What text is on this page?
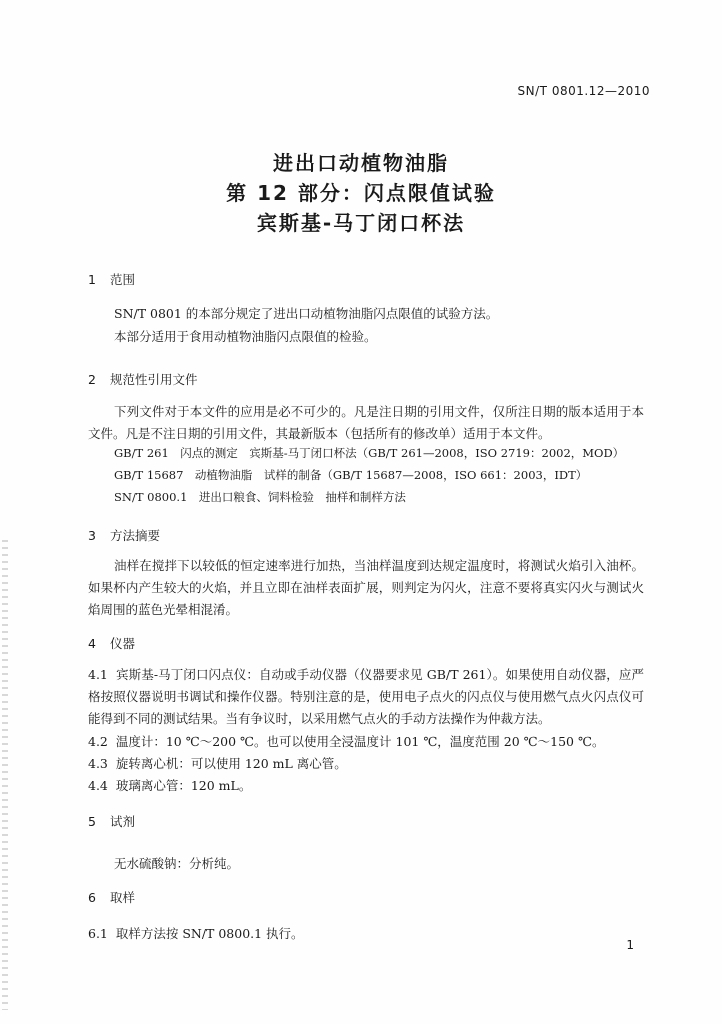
SN/T 0801.12—2010
进出口动植物油脂
第 12 部分：闪点限值试验
宾斯基-马丁闭口杯法
1 范围
SN/T 0801 的本部分规定了进出口动植物油脂闪点限值的试验方法。
本部分适用于食用动植物油脂闪点限值的检验。
2 规范性引用文件
下列文件对于本文件的应用是必不可少的。凡是注日期的引用文件，仅所注日期的版本适用于本文件。凡是不注日期的引用文件，其最新版本（包括所有的修改单）适用于本文件。
GB/T 261　闪点的测定　宾斯基-马丁闭口杯法（GB/T 261—2008，ISO 2719：2002，MOD）
GB/T 15687　动植物油脂　试样的制备（GB/T 15687—2008，ISO 661：2003，IDT）
SN/T 0800.1　进出口粮食、饲料检验　抽样和制样方法
3 方法摘要
油样在搅拌下以较低的恒定速率进行加热，当油样温度到达规定温度时，将测试火焰引入油杯。如果杯内产生较大的火焰，并且立即在油样表面扩展，则判定为闪火，注意不要将真实闪火与测试火焰周围的蓝色光晕相混淆。
4 仪器
4.1 宾斯基-马丁闭口闪点仪：自动或手动仪器（仪器要求见 GB/T 261）。如果使用自动仪器，应严格按照仪器说明书调试和操作仪器。特别注意的是，使用电子点火的闪点仪与使用燃气点火闪点仪可能得到不同的测试结果。当有争议时，以采用燃气点火的手动方法操作为仲裁方法。
4.2 温度计：10 ℃～200 ℃。也可以使用全浸温度计 101 ℃，温度范围 20 ℃～150 ℃。
4.3 旋转离心机：可以使用 120 mL 离心管。
4.4 玻璃离心管：120 mL。
5 试剂
无水硫酸钠：分析纯。
6 取样
6.1 取样方法按 SN/T 0800.1 执行。
1
